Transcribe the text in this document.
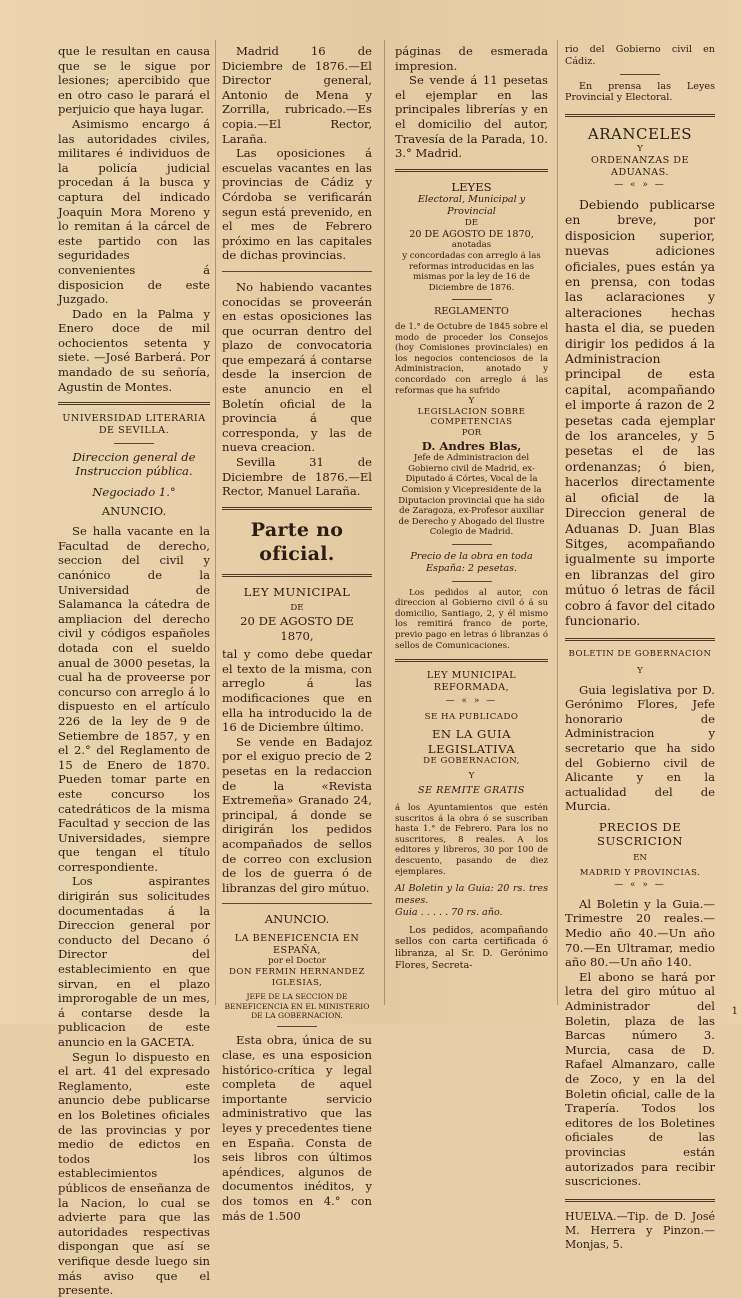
que le resultan en causa que se le sigue por lesiones; apercibido que en otro caso le parará el perjuicio que haya lugar.

Asimismo encargo á las autoridades civiles, militares é individuos de la policía judicial procedan á la busca y captura del indicado Joaquin Mora Moreno y lo remitan á la cárcel de este partido con las seguridades convenientes á disposicion de este Juzgado.

Dado en la Palma y Enero doce de mil ochocientos setenta y siete. —José Barberá. Por mandado de su señoría, Agustin de Montes.

UNIVERSIDAD LITERARIA DE SEVILLA.

Direccion general de Instruccion pública.

Negociado 1.°

ANUNCIO.

Se halla vacante en la Facultad de derecho, seccion del civil y canónico de la Universidad de Salamanca la cátedra de ampliacion del derecho civil y códigos españoles dotada con el sueldo anual de 3000 pesetas, la cual ha de proveerse por concurso con arreglo á lo dispuesto en el artículo 226 de la ley de 9 de Setiembre de 1857, y en el 2.° del Reglamento de 15 de Enero de 1870. Pueden tomar parte en este concurso los catedráticos de la misma Facultad y seccion de las Universidades, siempre que tengan el título correspondiente.

Los aspirantes dirigirán sus solicitudes documentadas á la Direccion general por conducto del Decano ó Director del establecimiento en que sirvan, en el plazo improrogable de un mes, á contarse desde la publicacion de este anuncio en la GACETA.

Segun lo dispuesto en el art. 41 del expresado Reglamento, este anuncio debe publicarse en los Boletines oficiales de las provincias y por medio de edictos en todos los establecimientos públicos de enseñanza de la Nacion, lo cual se advierte para que las autoridades respectivas dispongan que así se verifique desde luego sin más aviso que el presente.

Madrid 16 de Diciembre de 1876.—El Director general, Antonio de Mena y Zorrilla, rubricado.—Es copia.—El Rector, Laraña.

Las oposiciones á escuelas vacantes en las provincias de Cádiz y Córdoba se verificarán segun está prevenido, en el mes de Febrero próximo en las capitales de dichas provincias.

No habiendo vacantes conocidas se proveerán en estas oposiciones las que ocurran dentro del plazo de convocatoria que empezará á contarse desde la insercion de este anuncio en el Boletín oficial de la provincia á que corresponda, y las de nueva creacion.

Sevilla 31 de Diciembre de 1876.—El Rector, Manuel Laraña.

Parte no oficial.

LEY MUNICIPAL

DE

20 DE AGOSTO DE 1870,

tal y como debe quedar el texto de la misma, con arreglo á las modificaciones que en ella ha introducido la de 16 de Diciembre último.

Se vende en Badajoz por el exiguo precio de 2 pesetas en la redaccion de la «Revista Extremeña» Granado 24, principal, á donde se dirigirán los pedidos acompañados de sellos de correo con exclusion de los de guerra ó de libranzas del giro mútuo.

ANUNCIO.

LA BENEFICENCIA EN ESPAÑA,

por el Doctor

DON FERMIN HERNANDEZ IGLESIAS,

JEFE DE LA SECCION DE BENEFICENCIA EN EL MINISTERIO DE LA GOBERNACION.

Esta obra, única de su clase, es una esposicion histórico-crítica y legal completa de aquel importante servicio administrativo que las leyes y precedentes tiene en España. Consta de seis libros con últimos apéndices, algunos de documentos inéditos, y dos tomos en 4.° con más de 1.500

páginas de esmerada impresion.

Se vende á 11 pesetas el ejemplar en las principales librerías y en el domicilio del autor, Travesía de la Parada, 10. 3.° Madrid.

LEYES

Electoral, Municipal y Provincial

DE

20 DE AGOSTO DE 1870,

anotadas

y concordadas con arreglo á las reformas introducidas en las mismas por la ley de 16 de Diciembre de 1876.

REGLAMENTO

de 1.° de Octubre de 1845 sobre el modo de proceder los Consejos (hoy Comisiones provinciales) en los negocios contenciosos de la Administracion, anotado y concordado con arreglo á las reformas que ha sufrido

Y

LEGISLACION SOBRE COMPETENCIAS

POR

D. Andres Blas,

Jefe de Administracion del Gobierno civil de Madrid, ex-Diputado á Córtes, Vocal de la Comision y Vicepresidente de la Diputacion provincial que ha sido de Zaragoza, ex-Profesor auxiliar de Derecho y Abogado del Ilustre Colegio de Madrid.

Precio de la obra en toda España: 2 pesetas.

Los pedidos al autor, con direccion al Gobierno civil ó á su domicilio, Santiago, 2, y él mismo los remitirá franco de porte, previo pago en letras ó libranzas ó sellos de Comunicaciones.

LEY MUNICIPAL REFORMADA,

— « » —

SE HA PUBLICADO

EN LA GUIA LEGISLATIVA

DE GOBERNACION,

Y

SE REMITE GRATIS

á los Ayuntamientos que estén suscritos á la obra ó se suscriban hasta 1.° de Febrero. Para los no suscritores, 8 reales. A los editores y libreros, 30 por 100 de descuento, pasando de diez ejemplares.

Al Boletin y la Guia: 20 rs. tres meses.

Guia . . . . . 70 rs. año.

Los pedidos, acompañando sellos con carta certificada ó libranza, al Sr. D. Gerónimo Flores, Secreta-

rio del Gobierno civil en Cádiz.

En prensa las Leyes Provincial y Electoral.

ARANCELES

Y

ORDENANZAS DE ADUANAS.

— « » —

Debiendo publicarse en breve, por disposicion superior, nuevas adiciones oficiales, pues están ya en prensa, con todas las aclaraciones y alteraciones hechas hasta el dia, se pueden dirigir los pedidos á la Administracion principal de esta capital, acompañando el importe á razon de 2 pesetas cada ejemplar de los aranceles, y 5 pesetas el de las ordenanzas; ó bien, hacerlos directamente al oficial de la Direccion general de Aduanas D. Juan Blas Sitges, acompañando igualmente su importe en libranzas del giro mútuo ó letras de fácil cobro á favor del citado funcionario.

BOLETIN DE GOBERNACION

Y

Guia legislativa por D. Gerónimo Flores, Jefe honorario de Administracion y secretario que ha sido del Gobierno civil de Alicante y en la actualidad del de Murcia.

PRECIOS DE SUSCRICION

EN

MADRID Y PROVINCIAS.

— « » —

Al Boletin y la Guia.—Trimestre 20 reales.—Medio año 40.—Un año 70.—En Ultramar, medio año 80.—Un año 140.

El abono se hará por letra del giro mútuo al Administrador del Boletin, plaza de las Barcas número 3. Murcia, casa de D. Rafael Almanzaro, calle de Zoco, y en la del Boletin oficial, calle de la Trapería. Todos los editores de los Boletines oficiales de las provincias están autorizados para recibir suscriciones.

HUELVA.—Tip. de D. José M. Herrera y Pinzon.—Monjas, 5.

1
